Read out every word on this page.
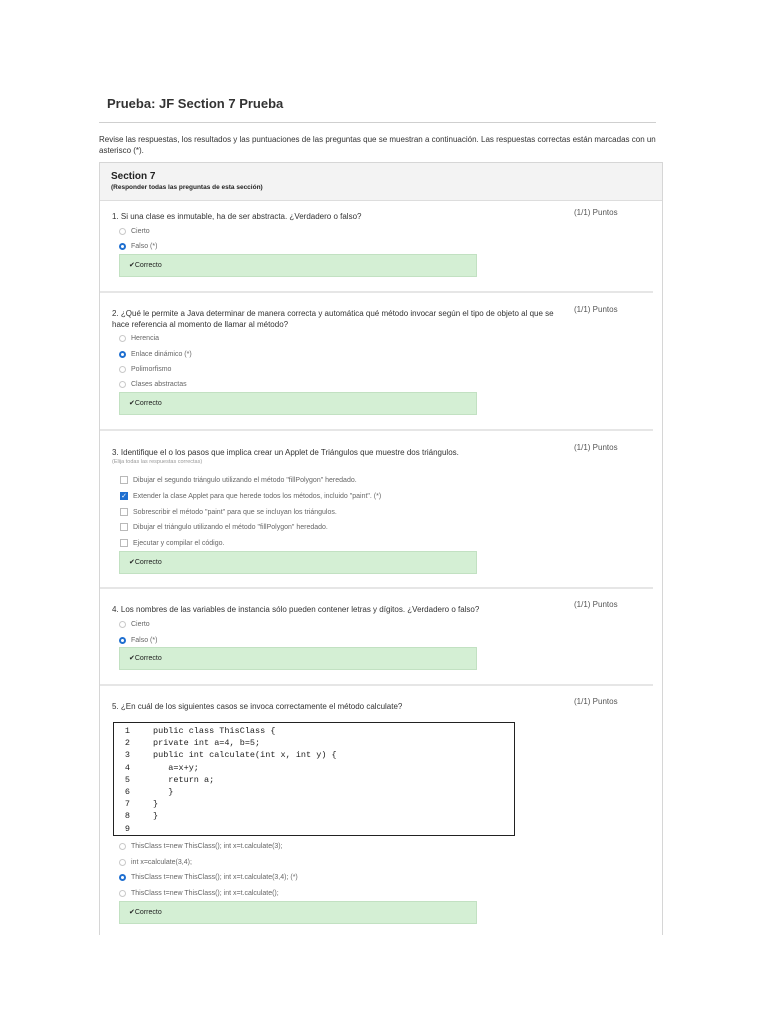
Prueba: JF Section 7 Prueba

Revise las respuestas, los resultados y las puntuaciones de las preguntas que se muestran a continuación. Las respuestas correctas están marcadas con un asterisco (*).

Section 7
(Responder todas las preguntas de esta sección)
1. Si una clase es inmutable, ha de ser abstracta. ¿Verdadero o falso?	(1/1) Puntos
Cierto
Falso (*)
✔Correcto
2. ¿Qué le permite a Java determinar de manera correcta y automática qué método invocar según el tipo de objeto al que se hace referencia al momento de llamar al método?
(1/1) Puntos
Herencia
Enlace dinámico (*)
Polimorfismo
Clases abstractas
✔Correcto
3. Identifique el o los pasos que implica crear un Applet de Triángulos que muestre dos triángulos.
(Elija todas las respuestas correctas)
(1/1) Puntos
Dibujar el segundo triángulo utilizando el método "fillPolygon" heredado.
✓ Extender la clase Applet para que herede todos los métodos, incluido "paint". (*)
Sobrescribir el método "paint" para que se incluyan los triángulos.
Dibujar el triángulo utilizando el método "fillPolygon" heredado.
Ejecutar y compilar el código.
✔Correcto
4. Los nombres de las variables de instancia sólo pueden contener letras y dígitos. ¿Verdadero o falso?
(1/1) Puntos
Cierto
Falso (*)
✔Correcto
5. ¿En cuál de los siguientes casos se invoca correctamente el método calculate?
(1/1) Puntos
1	public class ThisClass {
2	private int a=4, b=5;
3	public int calculate(int x, int y) {
4	a=x+y;
5	return a;
6	}
7	}
8	}
9
ThisClass t=new ThisClass(); int x=t.calculate(3);
int x=calculate(3,4);
ThisClass t=new ThisClass(); int x=t.calculate(3,4); (*)
ThisClass t=new ThisClass(); int x=t.calculate();
✔Correcto
